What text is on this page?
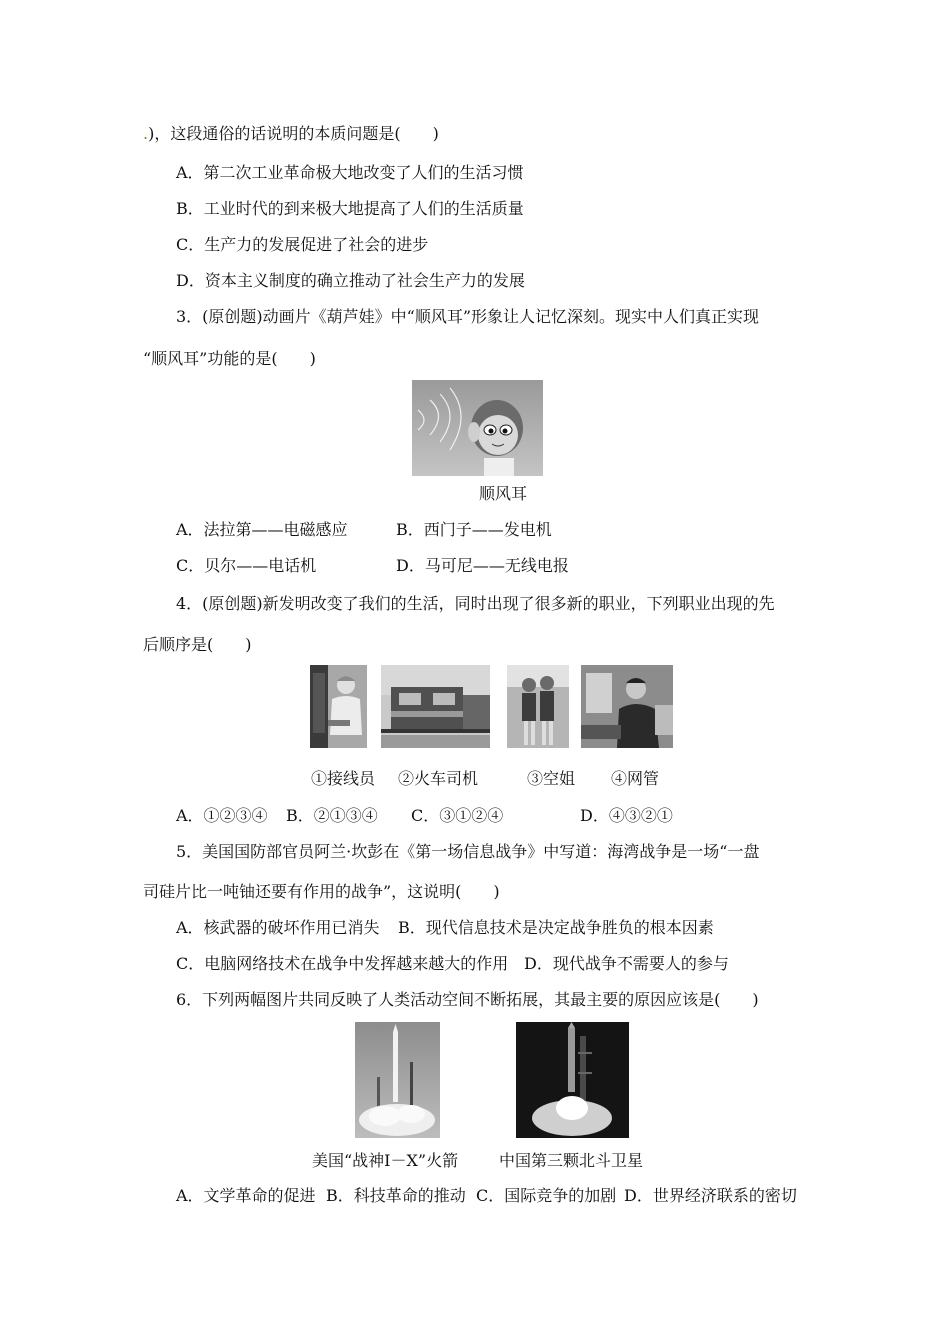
.)，这段通俗的话说明的本质问题是(　　)
A．第二次工业革命极大地改变了人们的生活习惯
B．工业时代的到来极大地提高了人们的生活质量
C．生产力的发展促进了社会的进步
D．资本主义制度的确立推动了社会生产力的发展
3．(原创题)动画片《葫芦娃》中“顺风耳”形象让人记忆深刻。现实中人们真正实现
“顺风耳”功能的是(　　)
顺风耳
A．法拉第——电磁感应	B．西门子——发电机
C．贝尔——电话机	D．马可尼——无线电报
4．(原创题)新发明改变了我们的生活，同时出现了很多新的职业，下列职业出现的先
后顺序是(　　)
①接线员 ②火车司机	③空姐 ④网管
A．①②③④ B．②①③④ C．③①②④	D．④③②①
5．美国国防部官员阿兰·坎彭在《第一场信息战争》中写道：海湾战争是一场“一盘
司硅片比一吨铀还要有作用的战争”，这说明(　　)
A．核武器的破坏作用已消失 B．现代信息技术是决定战争胜负的根本因素
C．电脑网络技术在战争中发挥越来越大的作用 D．现代战争不需要人的参与
6．下列两幅图片共同反映了人类活动空间不断拓展，其最主要的原因应该是(　　)
美国“战神Ⅰ－X”火箭	中国第三颗北斗卫星
A．文学革命的促进 B．科技革命的推动 C．国际竞争的加剧 D．世界经济联系的密切
